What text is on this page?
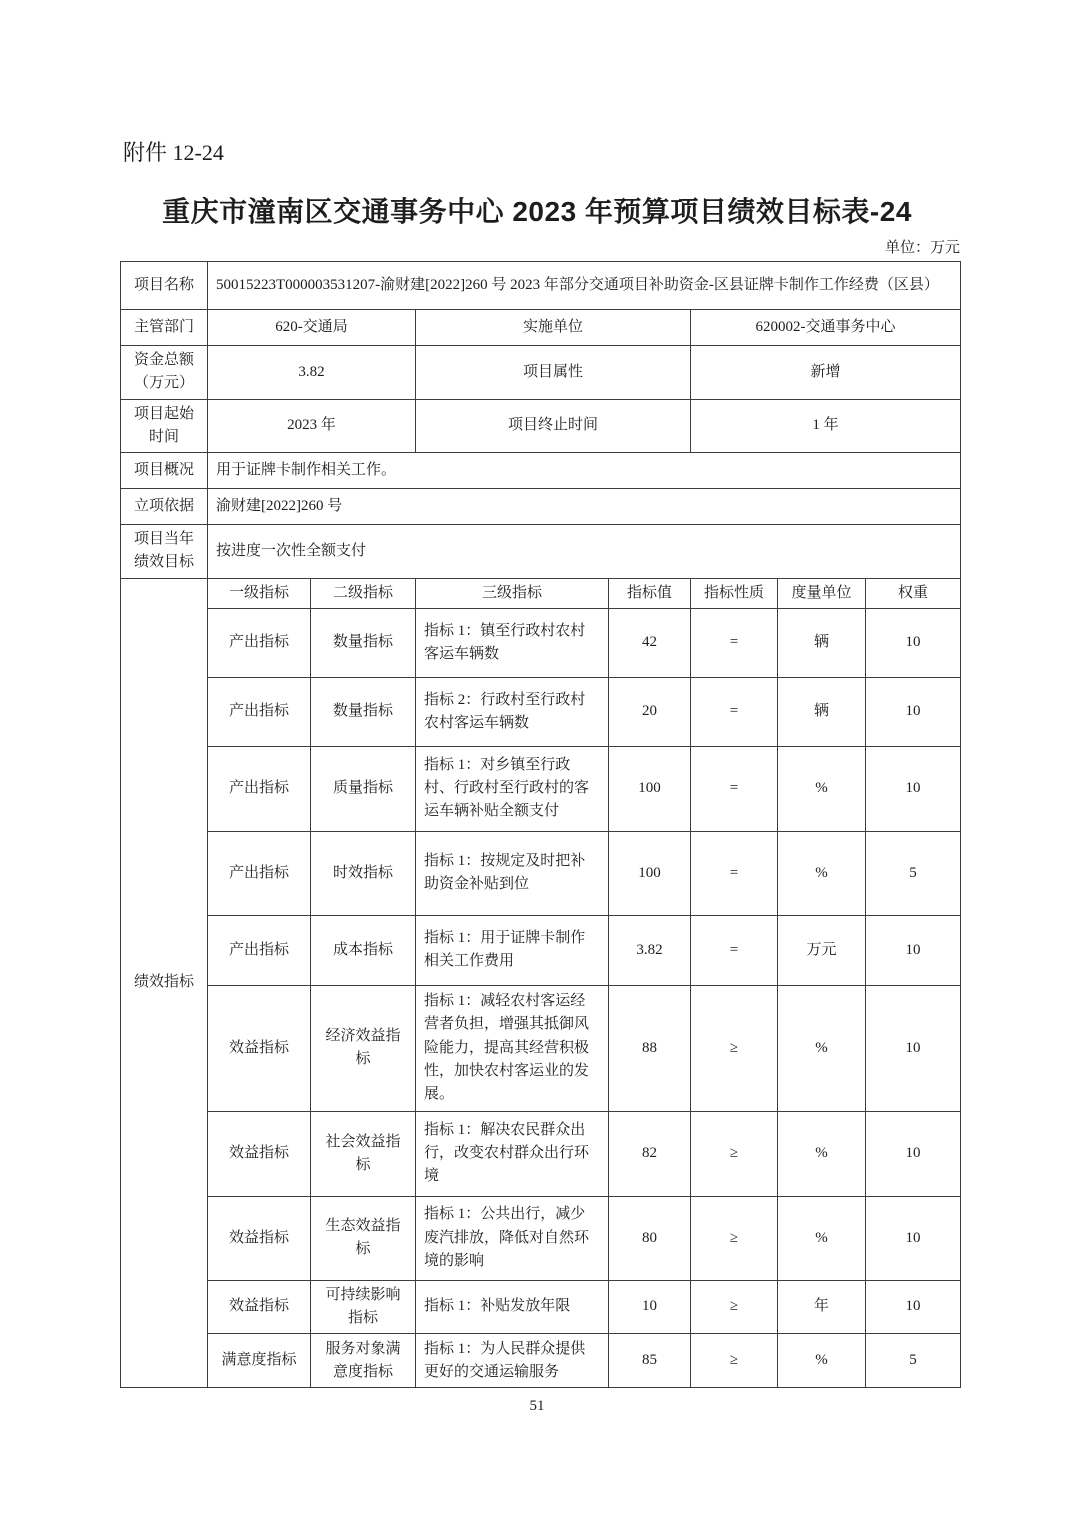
附件 12-24
重庆市潼南区交通事务中心 2023 年预算项目绩效目标表-24
单位：万元
项目名称	50015223T000003531207-渝财建[2022]260 号 2023 年部分交通项目补助资金-区县证牌卡制作工作经费（区县）						
主管部门	620-交通局		实施单位		620002-交通事务中心		
资金总额（万元）	3.82		项目属性		新增		
项目起始时间	2023 年		项目终止时间		1 年		
项目概况	用于证牌卡制作相关工作。						
立项依据	渝财建[2022]260 号						
项目当年绩效目标	按进度一次性全额支付						
绩效指标	一级指标	二级指标	三级指标	指标值	指标性质	度量单位	权重
	产出指标	数量指标	指标 1：镇至行政村农村客运车辆数	42	=	辆	10
	产出指标	数量指标	指标 2：行政村至行政村农村客运车辆数	20	=	辆	10
	产出指标	质量指标	指标 1：对乡镇至行政村、行政村至行政村的客运车辆补贴全额支付	100	=	%	10
	产出指标	时效指标	指标 1：按规定及时把补助资金补贴到位	100	=	%	5
	产出指标	成本指标	指标 1：用于证牌卡制作相关工作费用	3.82	=	万元	10
	效益指标	经济效益指标	指标 1：减轻农村客运经营者负担，增强其抵御风险能力，提高其经营积极性，加快农村客运业的发展。	88	≥	%	10
	效益指标	社会效益指标	指标 1：解决农民群众出行，改变农村群众出行环境	82	≥	%	10
	效益指标	生态效益指标	指标 1：公共出行，减少废汽排放，降低对自然环境的影响	80	≥	%	10
	效益指标	可持续影响指标	指标 1：补贴发放年限	10	≥	年	10
	满意度指标	服务对象满意度指标	指标 1：为人民群众提供更好的交通运输服务	85	≥	%	5
51
